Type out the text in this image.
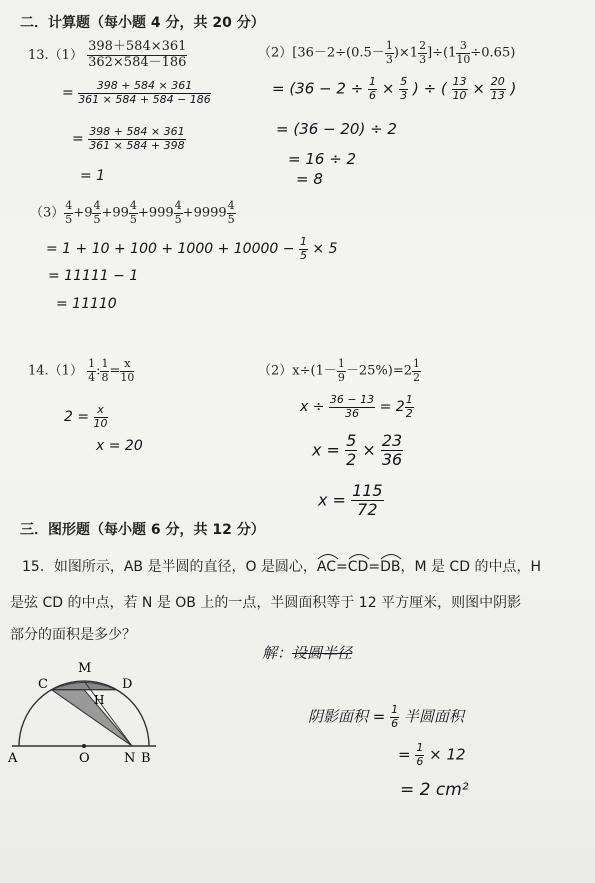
二．计算题（每小题 4 分，共 20 分）
$13.(1) \frac{398+584\times 361}{362\times 584-186}$
= $\frac{398 + 584 \times 361}{361 \times 584 + 584 - 186}$
= $\frac{398 + 584 \times 361}{361 \times 584 + 398}$
= 1
$(2)[36-2\div(0.5- \frac{1}{3} )\times 1 \frac{2}{3} ]\div(1 \frac{3}{10} \div 0.65)$
= ($36 - 2 \div \frac{1}{6} \times \frac{5}{3}$ ) ÷ ( $\frac{13}{10} \times \frac{20}{13}$ )
= (36 − 20) ÷ 2
= 16 ÷ 2
= 8
$(3) \frac{4}{5} +9 \frac{4}{5} +99 \frac{4}{5} +999 \frac{4}{5} +9999 \frac{4}{5}$
= $1 + 10 + 100 + 1000 + 10000 - \frac{1}{5} \times 5$
= 11111 − 1
= 11110
$14.(1) \frac{1}{4}$ : $\frac{1}{8} = \frac{x}{10}$
$2 = \frac{x}{10}$
x = 20
$(2)x\div(1- \frac{1}{9} -25\%)=2 \frac{1}{2}$
$x \div \frac{36 - 13}{36} = 2 \frac{1}{2}$
$x = \frac{5}{2} \times \frac{23}{36}$
$x = \frac{115}{72}$
三．图形题（每小题 6 分，共 12 分）
15．如图所示，AB 是半圆的直径，O 是圆心，AC
=CD
=DB
，M 是 CD 的中点，H
是弦 CD 的中点，若 N 是 OB 上的一点，半圆面积等于 12 平方厘米，则图中阴影
部分的面积是多少？
A	O	N B
C	D
M
H
解：设圆半径
阴影面积 = $\frac{1}{6}$ 半圆面积
= $\frac{1}{6} \times 12$
= 2 cm²
